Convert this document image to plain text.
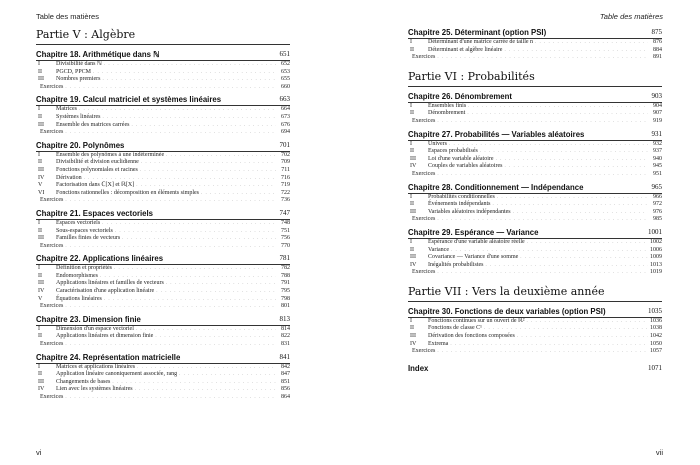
Table des matières
Partie V : Algèbre
Chapitre 18. Arithmétique dans ℕ	651
I	Divisibilité dans ℕ . . .	652
II	PGCD, PPCM . . .	653
III	Nombres premiers . . .	655
Exercices . . .	660
Chapitre 19. Calcul matriciel et systèmes linéaires	663
I	Matrices . . .	664
II	Systèmes linéaires . . .	673
III	Ensemble des matrices carrées . . .	676
Exercices . . .	694
Chapitre 20. Polynômes	701
I	Ensemble des polynômes à une indéterminée . . .	702
II	Divisibilité et division euclidienne . . .	709
III	Fonctions polynomiales et racines . . .	711
IV	Dérivation . . .	716
V	Factorisation dans ℂ[X] et ℝ[X] . . .	719
VI	Fonctions rationnelles : décomposition en éléments simples . . .	722
Exercices . . .	736
Chapitre 21. Espaces vectoriels	747
I	Espaces vectoriels . . .	748
II	Sous-espaces vectoriels . . .	751
III	Familles finies de vecteurs . . .	756
Exercices . . .	770
Chapitre 22. Applications linéaires	781
I	Définition et propriétés . . .	782
II	Endomorphismes . . .	788
III	Applications linéaires et familles de vecteurs . . .	791
IV	Caractérisation d'une application linéaire . . .	795
V	Équations linéaires . . .	798
Exercices . . .	801
Chapitre 23. Dimension finie	813
I	Dimension d'un espace vectoriel . . .	814
II	Applications linéaires et dimension finie . . .	822
Exercices . . .	831
Chapitre 24. Représentation matricielle	841
I	Matrices et applications linéaires . . .	842
II	Application linéaire canoniquement associée, rang . . .	847
III	Changements de bases . . .	851
IV	Lien avec les systèmes linéaires . . .	856
Exercices . . .	864
vi
Table des matières
Chapitre 25. Déterminant (option PSI)	875
I	Déterminant d'une matrice carrée de taille n . . .	876
II	Déterminant et algèbre linéaire . . .	884
Exercices . . .	891
Partie VI : Probabilités
Chapitre 26. Dénombrement	903
I	Ensembles finis . . .	904
II	Dénombrement . . .	907
Exercices . . .	919
Chapitre 27. Probabilités — Variables aléatoires	931
I	Univers . . .	932
II	Espaces probabilisés . . .	937
III	Loi d'une variable aléatoire . . .	940
IV	Couples de variables aléatoires . . .	945
Exercices . . .	951
Chapitre 28. Conditionnement — Indépendance	965
I	Probabilités conditionnelles . . .	966
II	Événements indépendants . . .	972
III	Variables aléatoires indépendantes . . .	976
Exercices . . .	985
Chapitre 29. Espérance — Variance	1001
I	Espérance d'une variable aléatoire réelle . . .	1002
II	Variance . . .	1006
III	Covariance — Variance d'une somme . . .	1009
IV	Inégalités probabilistes . . .	1013
Exercices . . .	1019
Partie VII : Vers la deuxième année
Chapitre 30. Fonctions de deux variables (option PSI)	1035
I	Fonctions continues sur un ouvert de ℝ² . . .	1036
II	Fonctions de classe C¹ . . .	1038
III	Dérivation des fonctions composées . . .	1042
IV	Extrema . . .	1050
Exercices . . .	1057
Index	1071
vii
